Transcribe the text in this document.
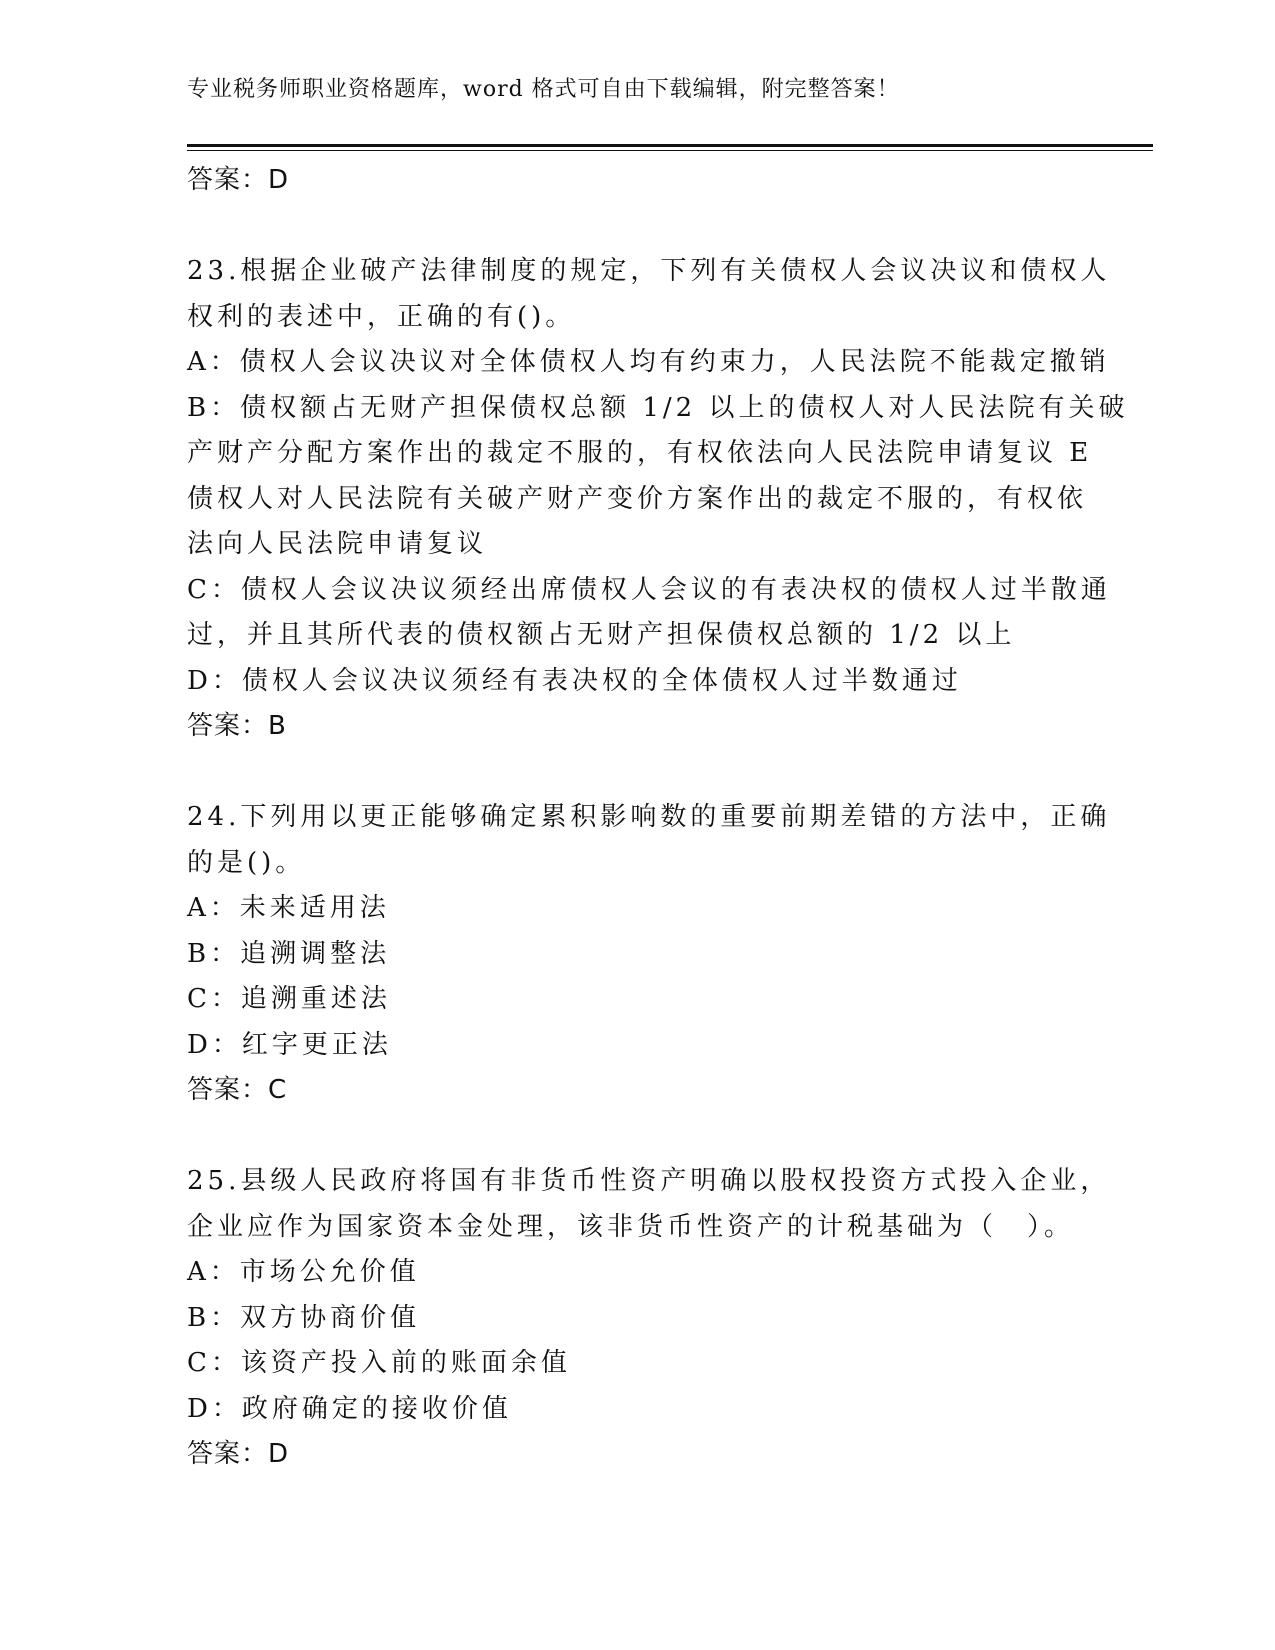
专业税务师职业资格题库，word 格式可自由下载编辑，附完整答案！
答案：D
23.根据企业破产法律制度的规定，下列有关债权人会议决议和债权人
权利的表述中，正确的有()。
A：债权人会议决议对全体债权人均有约束力，人民法院不能裁定撤销
B：债权额占无财产担保债权总额 1/2 以上的债权人对人民法院有关破
产财产分配方案作出的裁定不服的，有权依法向人民法院申请复议 E
债权人对人民法院有关破产财产变价方案作出的裁定不服的，有权依
法向人民法院申请复议
C：债权人会议决议须经出席债权人会议的有表决权的债权人过半散通
过，并且其所代表的债权额占无财产担保债权总额的 1/2 以上
D：债权人会议决议须经有表决权的全体债权人过半数通过
答案：B
24.下列用以更正能够确定累积影响数的重要前期差错的方法中，正确
的是()。
A：未来适用法
B：追溯调整法
C：追溯重述法
D：红字更正法
答案：C
25.县级人民政府将国有非货币性资产明确以股权投资方式投入企业，
企业应作为国家资本金处理，该非货币性资产的计税基础为（　）。
A：市场公允价值
B：双方协商价值
C：该资产投入前的账面余值
D：政府确定的接收价值
答案：D
